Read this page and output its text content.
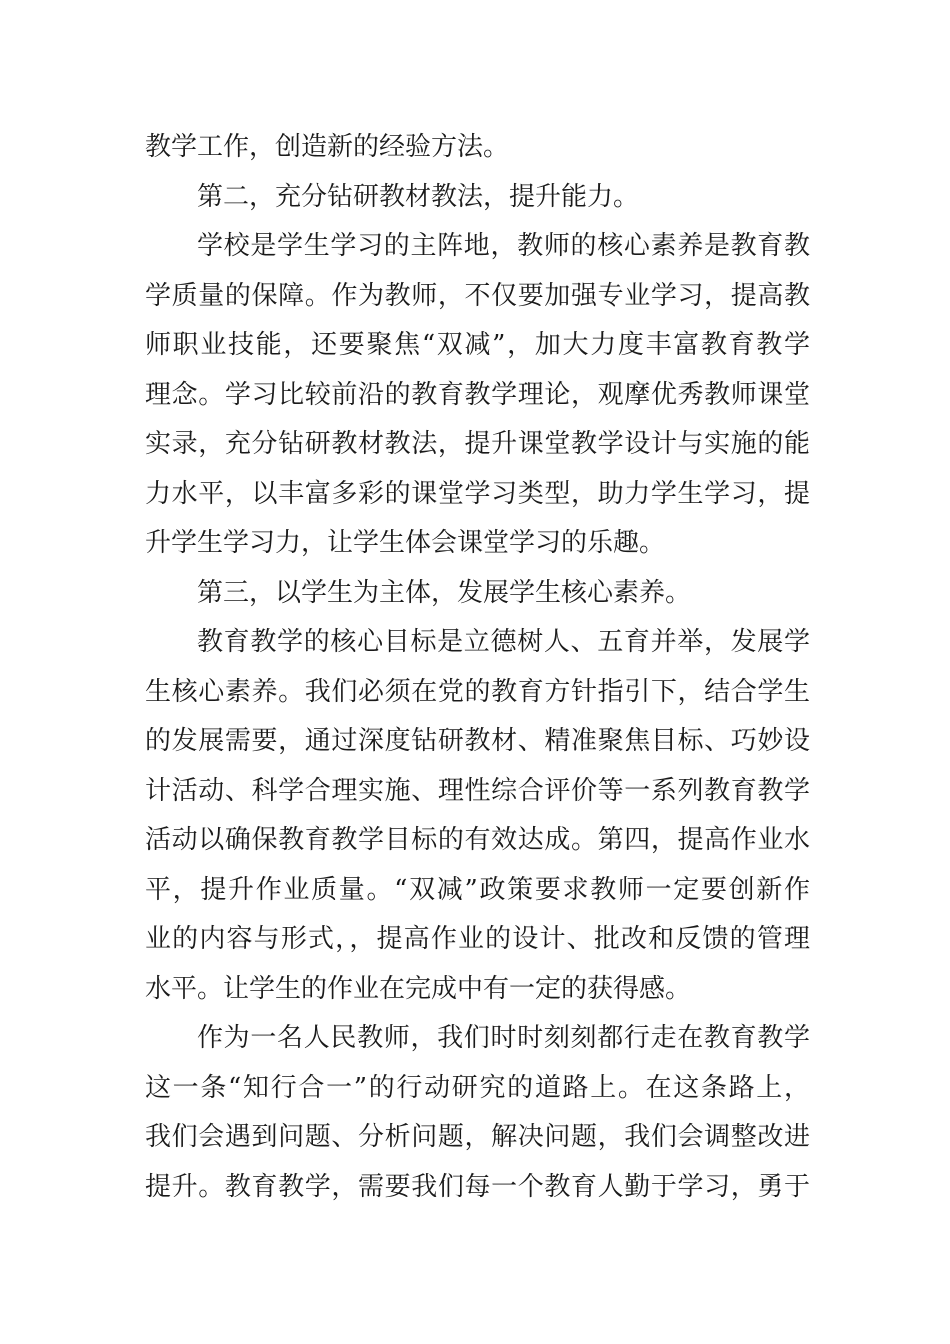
教学工作，创造新的经验方法。
第二，充分钻研教材教法，提升能力。
学校是学生学习的主阵地，教师的核心素养是教育教
学质量的保障。作为教师，不仅要加强专业学习，提高教
师职业技能，还要聚焦“双减”，加大力度丰富教育教学
理念。学习比较前沿的教育教学理论，观摩优秀教师课堂
实录，充分钻研教材教法，提升课堂教学设计与实施的能
力水平，以丰富多彩的课堂学习类型，助力学生学习，提
升学生学习力，让学生体会课堂学习的乐趣。
第三，以学生为主体，发展学生核心素养。
教育教学的核心目标是立德树人、五育并举，发展学
生核心素养。我们必须在党的教育方针指引下，结合学生
的发展需要，通过深度钻研教材、精准聚焦目标、巧妙设
计活动、科学合理实施、理性综合评价等一系列教育教学
活动以确保教育教学目标的有效达成。第四，提高作业水
平，提升作业质量。“双减”政策要求教师一定要创新作
业的内容与形式，，提高作业的设计、批改和反馈的管理
水平。让学生的作业在完成中有一定的获得感。
作为一名人民教师，我们时时刻刻都行走在教育教学
这一条“知行合一”的行动研究的道路上。在这条路上，
我们会遇到问题、分析问题，解决问题，我们会调整改进
提升。教育教学，需要我们每一个教育人勤于学习，勇于
